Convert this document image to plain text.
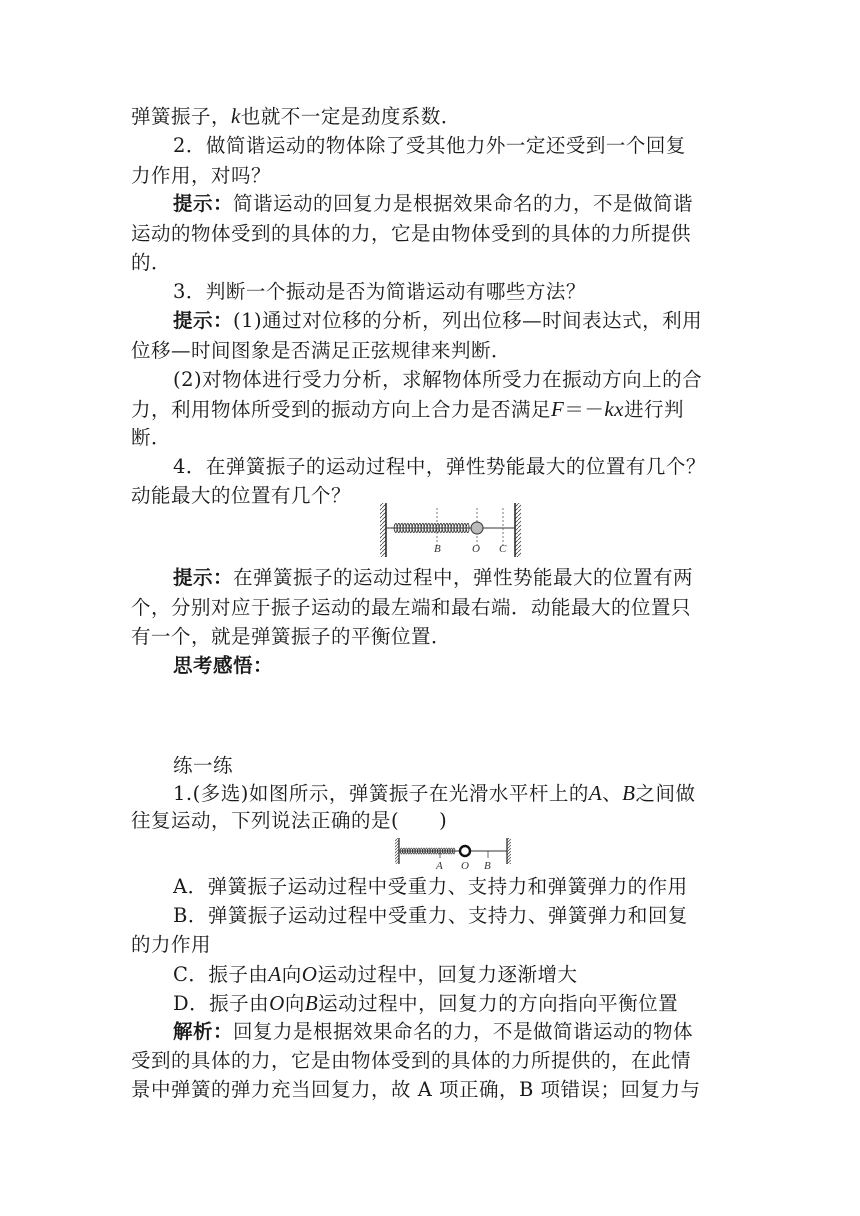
弹簧振子，k也就不一定是劲度系数．
2．做简谐运动的物体除了受其他力外一定还受到一个回复
力作用，对吗？
提示：简谐运动的回复力是根据效果命名的力，不是做简谐
运动的物体受到的具体的力，它是由物体受到的具体的力所提供
的．
3．判断一个振动是否为简谐运动有哪些方法？
提示：(1)通过对位移的分析，列出位移—时间表达式，利用
位移—时间图象是否满足正弦规律来判断．
(2)对物体进行受力分析，求解物体所受力在振动方向上的合
力，利用物体所受到的振动方向上合力是否满足F＝－kx进行判
断．
4．在弹簧振子的运动过程中，弹性势能最大的位置有几个？
动能最大的位置有几个？
B	O C
提示：在弹簧振子的运动过程中，弹性势能最大的位置有两
个，分别对应于振子运动的最左端和最右端．动能最大的位置只
有一个，就是弹簧振子的平衡位置．
思考感悟：
练一练
1.(多选)如图所示，弹簧振子在光滑水平杆上的A、B之间做
往复运动，下列说法正确的是(　　)
A O B
A．弹簧振子运动过程中受重力、支持力和弹簧弹力的作用
B．弹簧振子运动过程中受重力、支持力、弹簧弹力和回复
的力作用
C．振子由A向O运动过程中，回复力逐渐增大
D．振子由O向B运动过程中，回复力的方向指向平衡位置
解析：回复力是根据效果命名的力，不是做简谐运动的物体
受到的具体的力，它是由物体受到的具体的力所提供的，在此情
景中弹簧的弹力充当回复力，故 A 项正确，B 项错误；回复力与
